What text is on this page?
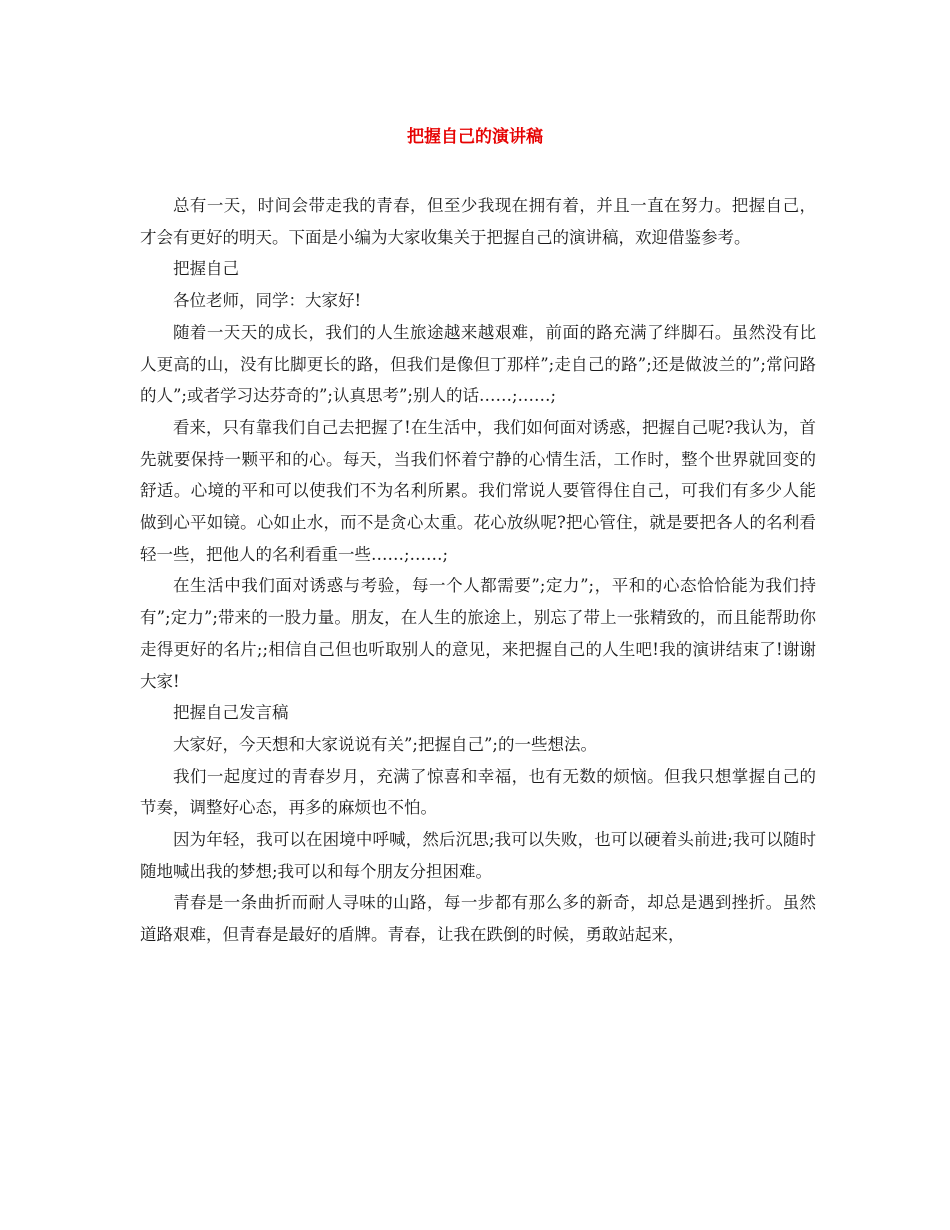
把握自己的演讲稿

总有一天，时间会带走我的青春，但至少我现在拥有着，并且一直在努力。把握自己，才会有更好的明天。下面是小编为大家收集关于把握自己的演讲稿，欢迎借鉴参考。

把握自己

各位老师，同学：大家好!

随着一天天的成长，我们的人生旅途越来越艰难，前面的路充满了绊脚石。虽然没有比人更高的山，没有比脚更长的路，但我们是像但丁那样”;走自己的路”;还是做波兰的”;常问路的人”;或者学习达芬奇的”;认真思考”;别人的话……;……;

看来，只有靠我们自己去把握了!在生活中，我们如何面对诱惑，把握自己呢?我认为，首先就要保持一颗平和的心。每天，当我们怀着宁静的心情生活，工作时，整个世界就回变的舒适。心境的平和可以使我们不为名利所累。我们常说人要管得住自己，可我们有多少人能做到心平如镜。心如止水，而不是贪心太重。花心放纵呢?把心管住，就是要把各人的名利看轻一些，把他人的名利看重一些……;……;

在生活中我们面对诱惑与考验，每一个人都需要”;定力”;，平和的心态恰恰能为我们持有”;定力”;带来的一股力量。朋友，在人生的旅途上，别忘了带上一张精致的，而且能帮助你走得更好的名片;;相信自己但也听取别人的意见，来把握自己的人生吧!我的演讲结束了!谢谢大家!

把握自己发言稿

大家好，今天想和大家说说有关”;把握自己”;的一些想法。

我们一起度过的青春岁月，充满了惊喜和幸福，也有无数的烦恼。但我只想掌握自己的节奏，调整好心态，再多的麻烦也不怕。

因为年轻，我可以在困境中呼喊，然后沉思;我可以失败，也可以硬着头前进;我可以随时随地喊出我的梦想;我可以和每个朋友分担困难。

青春是一条曲折而耐人寻味的山路，每一步都有那么多的新奇，却总是遇到挫折。虽然道路艰难，但青春是最好的盾牌。青春，让我在跌倒的时候，勇敢站起来，
